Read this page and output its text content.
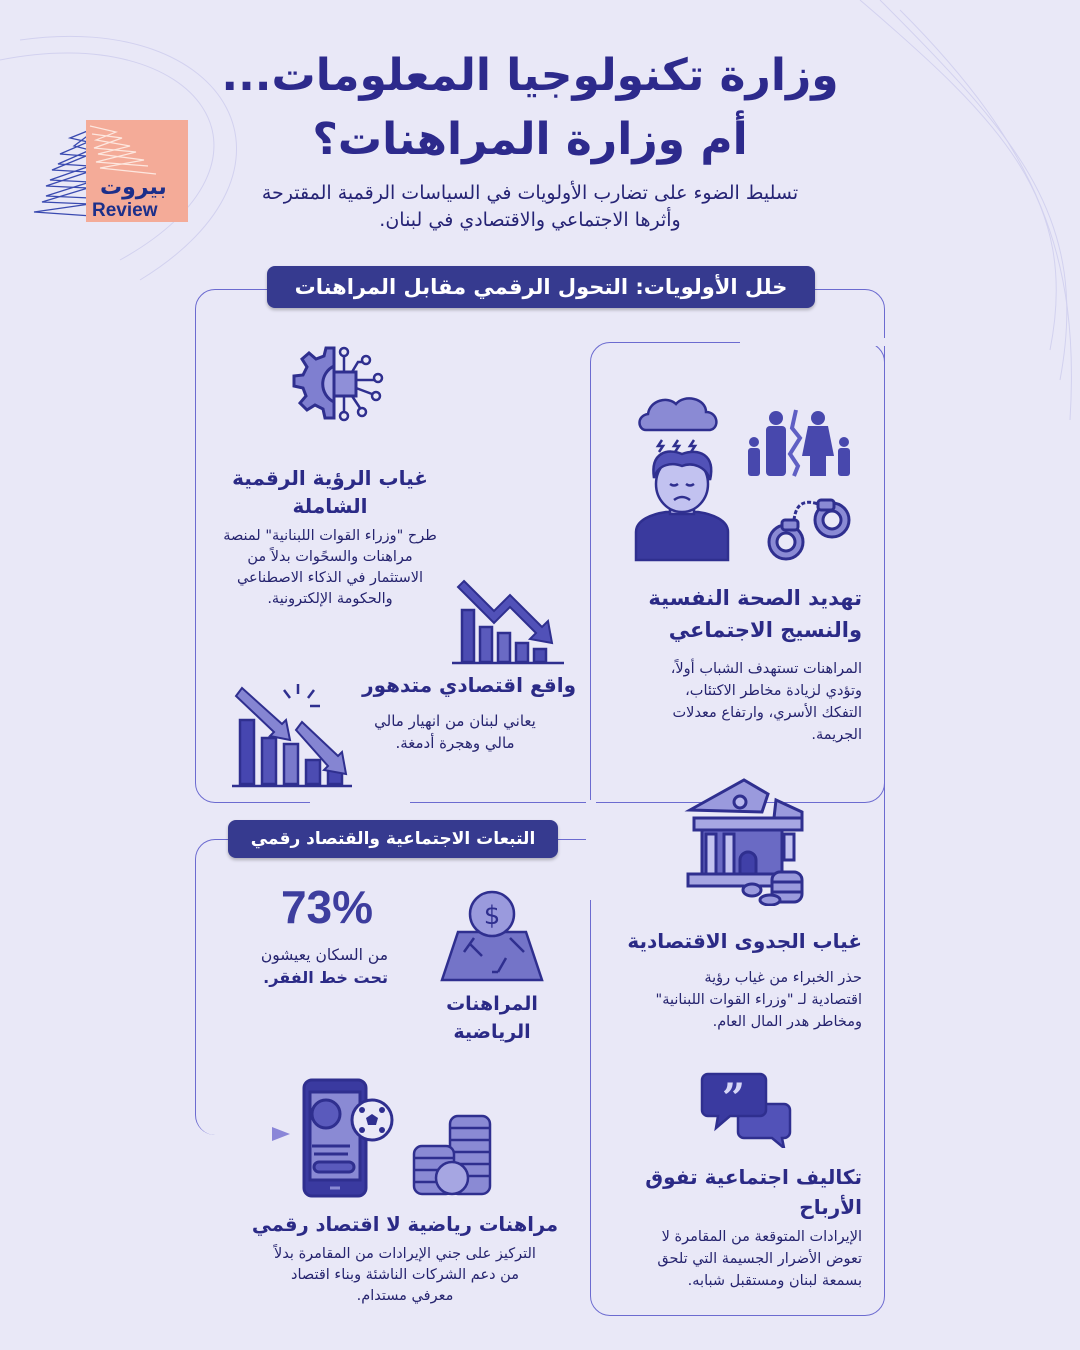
وزارة تكنولوجيا المعلومات...
أم وزارة المراهنات؟
بيروت
Review
تسليط الضوء على تضارب الأولويات في السياسات الرقمية المقترحة
وأثرها الاجتماعي والاقتصادي في لبنان.
خلل الأولويات: التحول الرقمي مقابل المراهنات
غياب الرؤية الرقمية
الشاملة
طرح "وزراء القوات اللبنانية" لمنصة
مراهنات والسحًوات بدلاً من
الاستثمار في الذكاء الاصطناعي
والحكومة الإلكترونية.
واقع اقتصادي متدهور
يعاني لبنان من انهيار مالي
مالي وهجرة أدمغة.
تهديد الصحة النفسية
والنسيج الاجتماعي
المراهنات تستهدف الشباب أولاً،
وتؤدي لزيادة مخاطر الاكتئاب،
التفكك الأسري، وارتفاع معدلات
الجريمة.
غياب الجدوى الاقتصادية
حذر الخبراء من غياب رؤية
اقتصادية لـ "وزراء القوات اللبنانية"
ومخاطر هدر المال العام.
”
تكاليف اجتماعية تفوق
الأرباح
الإيرادات المتوقعة من المقامرة لا
تعوض الأضرار الجسيمة التي تلحق
بسمعة لبنان ومستقبل شبابه.
التبعات الاجتماعية والقتصاد رقمي
73%
من السكان يعيشون
تحت خط الفقر.
$
المراهنات
الرياضية
مراهنات رياضية لا اقتصاد رقمي
التركيز على جني الإيرادات من المقامرة بدلاً
من دعم الشركات الناشئة وبناء اقتصاد
معرفي مستدام.
